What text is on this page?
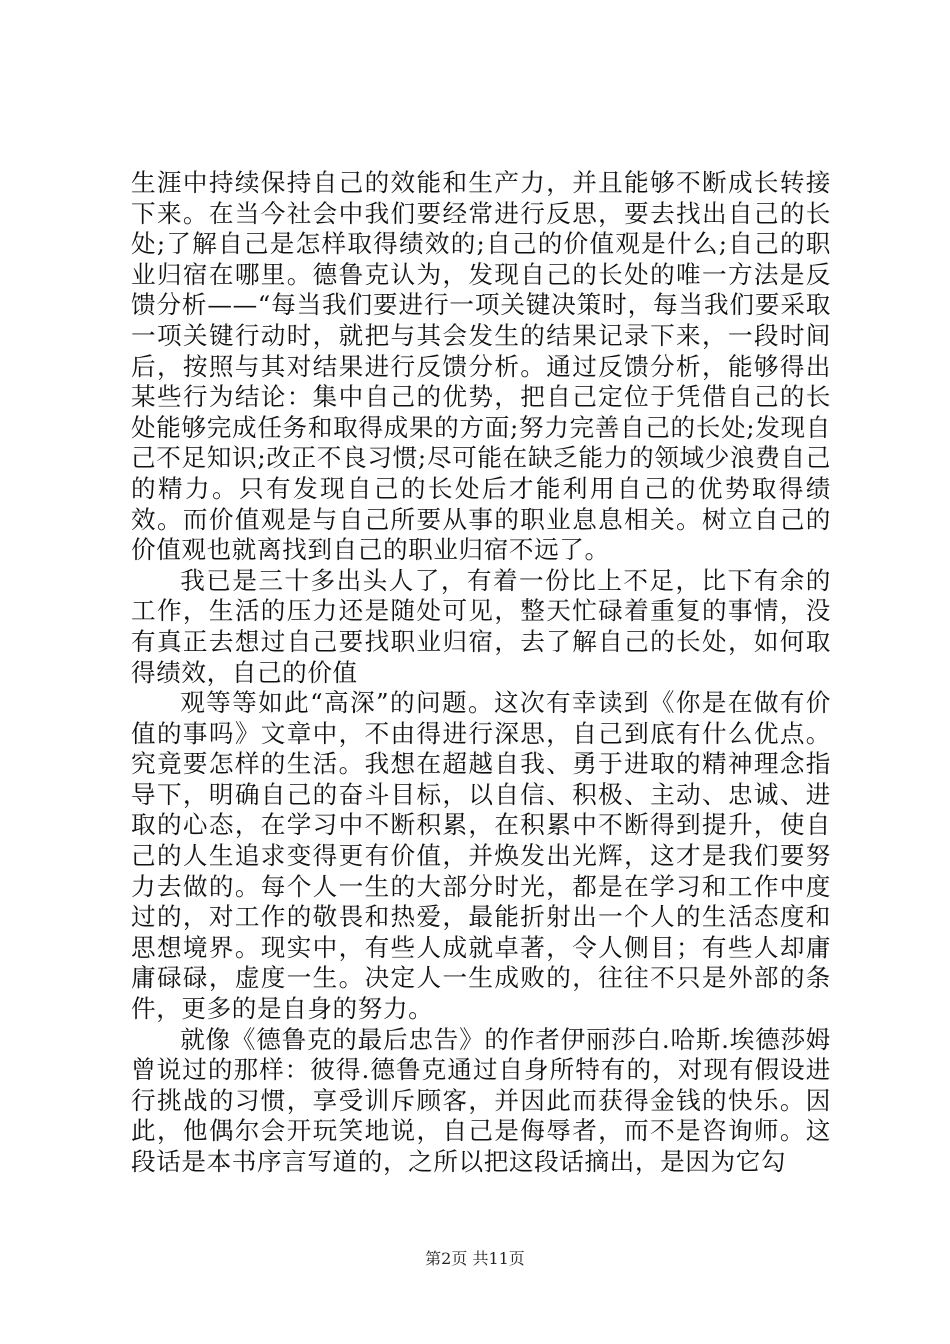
生涯中持续保持自己的效能和生产力，并且能够不断成长转接下来。在当今社会中我们要经常进行反思，要去找出自己的长处;了解自己是怎样取得绩效的;自己的价值观是什么;自己的职业归宿在哪里。德鲁克认为，发现自己的长处的唯一方法是反馈分析——“每当我们要进行一项关键决策时，每当我们要采取一项关键行动时，就把与其会发生的结果记录下来，一段时间后，按照与其对结果进行反馈分析。通过反馈分析，能够得出某些行为结论：集中自己的优势，把自己定位于凭借自己的长处能够完成任务和取得成果的方面;努力完善自己的长处;发现自己不足知识;改正不良习惯;尽可能在缺乏能力的领域少浪费自己的精力。只有发现自己的长处后才能利用自己的优势取得绩效。而价值观是与自己所要从事的职业息息相关。树立自己的价值观也就离找到自己的职业归宿不远了。

我已是三十多出头人了，有着一份比上不足，比下有余的工作，生活的压力还是随处可见，整天忙碌着重复的事情，没有真正去想过自己要找职业归宿，去了解自己的长处，如何取得绩效，自己的价值

观等等如此“高深”的问题。这次有幸读到《你是在做有价值的事吗》文章中，不由得进行深思，自己到底有什么优点。究竟要怎样的生活。我想在超越自我、勇于进取的精神理念指导下，明确自己的奋斗目标，以自信、积极、主动、忠诚、进取的心态，在学习中不断积累，在积累中不断得到提升，使自己的人生追求变得更有价值，并焕发出光辉，这才是我们要努力去做的。每个人一生的大部分时光，都是在学习和工作中度过的，对工作的敬畏和热爱，最能折射出一个人的生活态度和思想境界。现实中，有些人成就卓著，令人侧目；有些人却庸庸碌碌，虚度一生。决定人一生成败的，往往不只是外部的条件，更多的是自身的努力。

就像《德鲁克的最后忠告》的作者伊丽莎白.哈斯.埃德莎姆曾说过的那样：彼得.德鲁克通过自身所特有的，对现有假设进行挑战的习惯，享受训斥顾客，并因此而获得金钱的快乐。因此，他偶尔会开玩笑地说，自己是侮辱者，而不是咨询师。这段话是本书序言写道的，之所以把这段话摘出，是因为它勾

第2页 共11页
